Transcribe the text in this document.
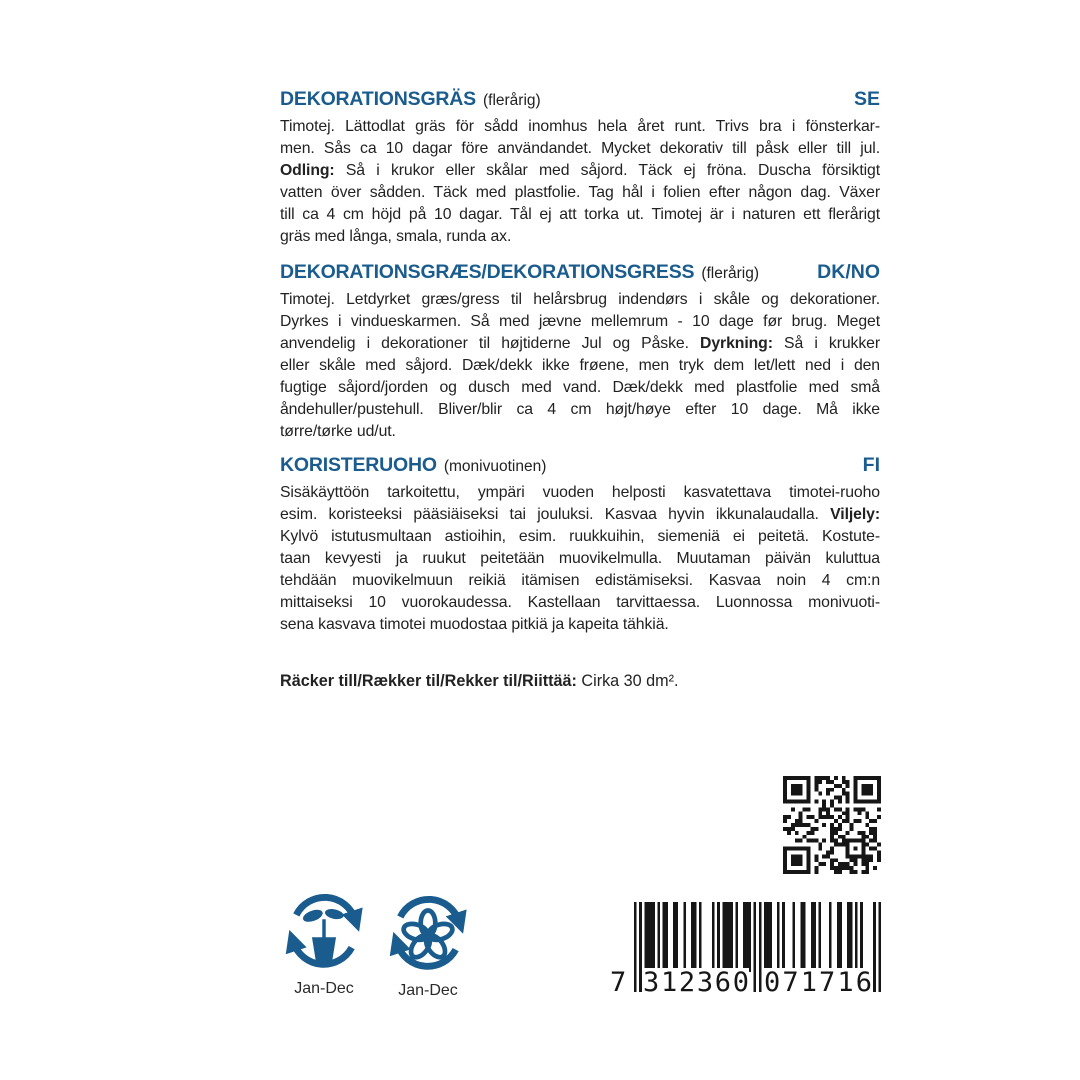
DEKORATIONSGRÄS (flerårig)	SE
Timotej. Lättodlat gräs för sådd inomhus hela året runt. Trivs bra i fönsterkar-
men. Sås ca 10 dagar före användandet. Mycket dekorativ till påsk eller till jul.
Odling: Så i krukor eller skålar med såjord. Täck ej fröna. Duscha försiktigt
vatten över sådden. Täck med plastfolie. Tag hål i folien efter någon dag. Växer
till ca 4 cm höjd på 10 dagar. Tål ej att torka ut. Timotej är i naturen ett flerårigt
gräs med långa, smala, runda ax.
DEKORATIONSGRÆS/DEKORATIONSGRESS (flerårig)	DK/NO
Timotej. Letdyrket græs/gress til helårsbrug indendørs i skåle og dekorationer.
Dyrkes i vindueskarmen. Så med jævne mellemrum - 10 dage før brug. Meget
anvendelig i dekorationer til højtiderne Jul og Påske. Dyrkning: Så i krukker
eller skåle med såjord. Dæk/dekk ikke frøene, men tryk dem let/lett ned i den
fugtige såjord/jorden og dusch med vand. Dæk/dekk med plastfolie med små
åndehuller/pustehull. Bliver/blir ca 4 cm højt/høye efter 10 dage. Må ikke
tørre/tørke ud/ut.
KORISTERUOHO (monivuotinen)	FI
Sisäkäyttöön tarkoitettu, ympäri vuoden helposti kasvatettava timotei-ruoho
esim. koristeeksi pääsiäiseksi tai jouluksi. Kasvaa hyvin ikkunalaudalla. Viljely:
Kylvö istutusmultaan astioihin, esim. ruukkuihin, siemeniä ei peitetä. Kostute-
taan kevyesti ja ruukut peitetään muovikelmulla. Muutaman päivän kuluttua
tehdään muovikelmuun reikiä itämisen edistämiseksi. Kasvaa noin 4 cm:n
mittaiseksi 10 vuorokaudessa. Kastellaan tarvittaessa. Luonnossa monivuoti-
sena kasvava timotei muodostaa pitkiä ja kapeita tähkiä.
Räcker till/Rækker til/Rekker til/Riittää: Cirka 30 dm².
Jan-Dec	Jan-Dec	7 3 1 2 3 6 0 0 7 1 7 1 6
